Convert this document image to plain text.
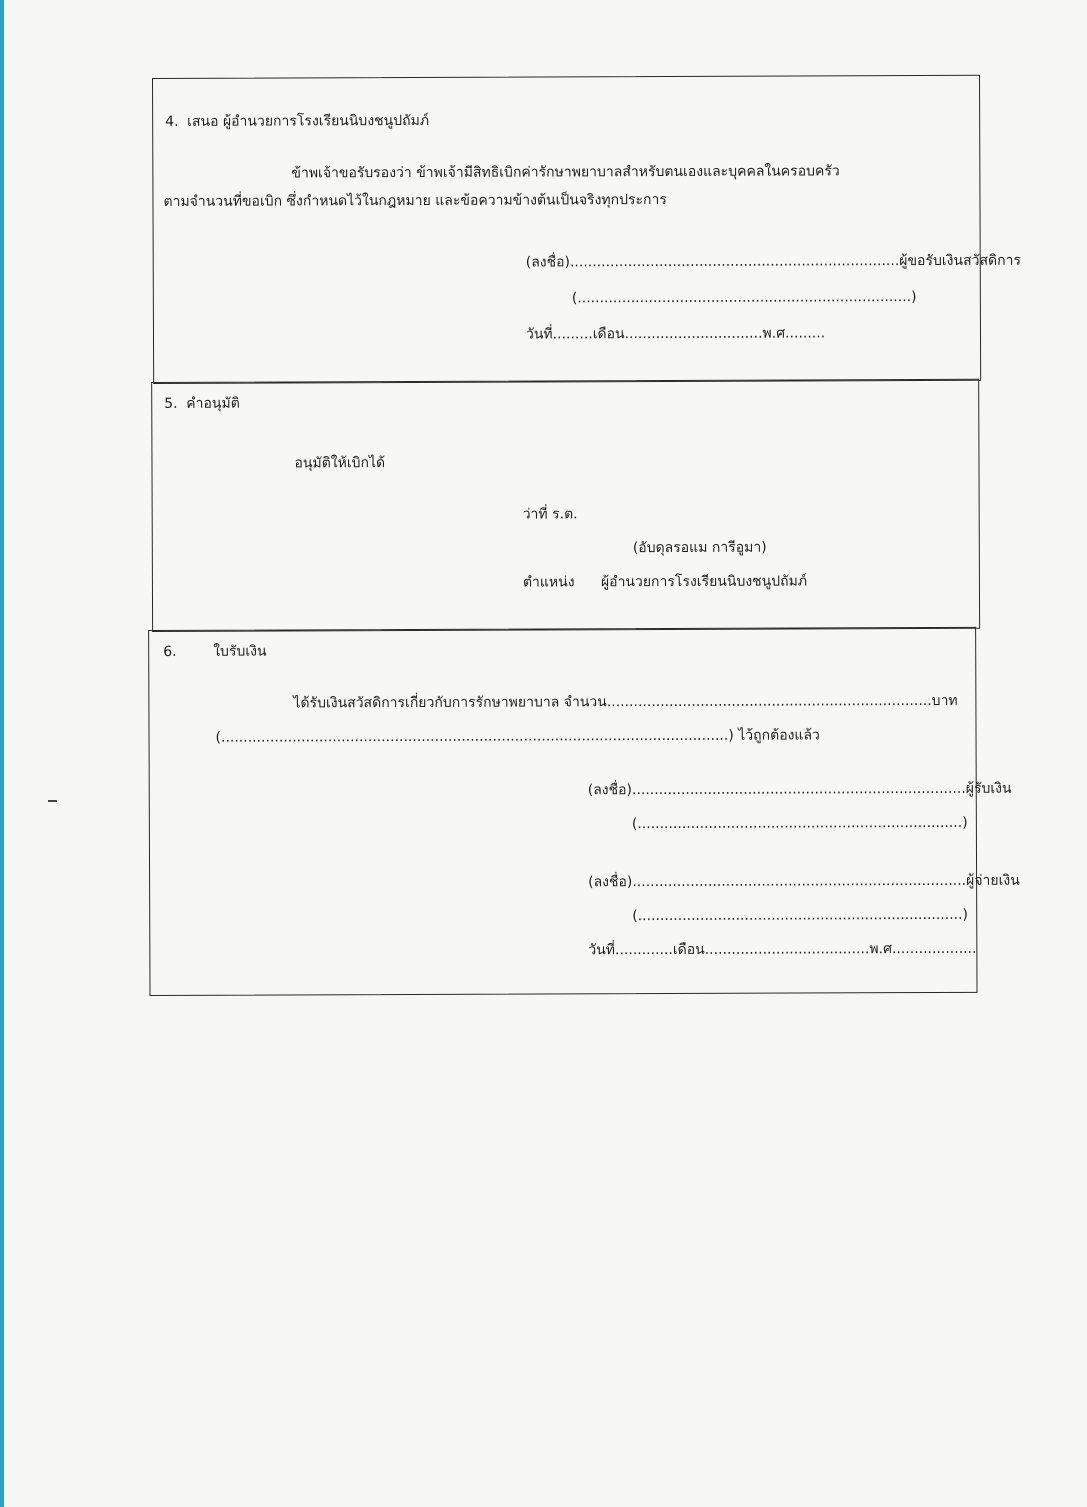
4. เสนอ ผู้อำนวยการโรงเรียนนิบงชนูปถัมภ์
ข้าพเจ้าขอรับรองว่า ข้าพเจ้ามีสิทธิเบิกค่ารักษาพยาบาลสำหรับตนเองและบุคคลในครอบครัว
ตามจำนวนที่ขอเบิก ซึ่งกำหนดไว้ในกฎหมาย และข้อความข้างต้นเป็นจริงทุกประการ
(ลงชื่อ)..........................................................................ผู้ขอรับเงินสวัสดิการ
(...........................................................................)
วันที่.........เดือน...............................พ.ศ.........
5. คำอนุมัติ
อนุมัติให้เบิกได้
ว่าที่ ร.ต.
(อับดุลรอแม การีอูมา)
ตำแหน่ง ผู้อำนวยการโรงเรียนนิบงชนูปถัมภ์
6.	ใบรับเงิน
ได้รับเงินสวัสดิการเกี่ยวกับการรักษาพยาบาล จำนวน.........................................................................บาท
(..................................................................................................................) ไว้ถูกต้องแล้ว
(ลงชื่อ)...........................................................................ผู้รับเงิน
(.........................................................................)
(ลงชื่อ)...........................................................................ผู้จ่ายเงิน
(.........................................................................)
วันที่.............เดือน.....................................พ.ศ...................
